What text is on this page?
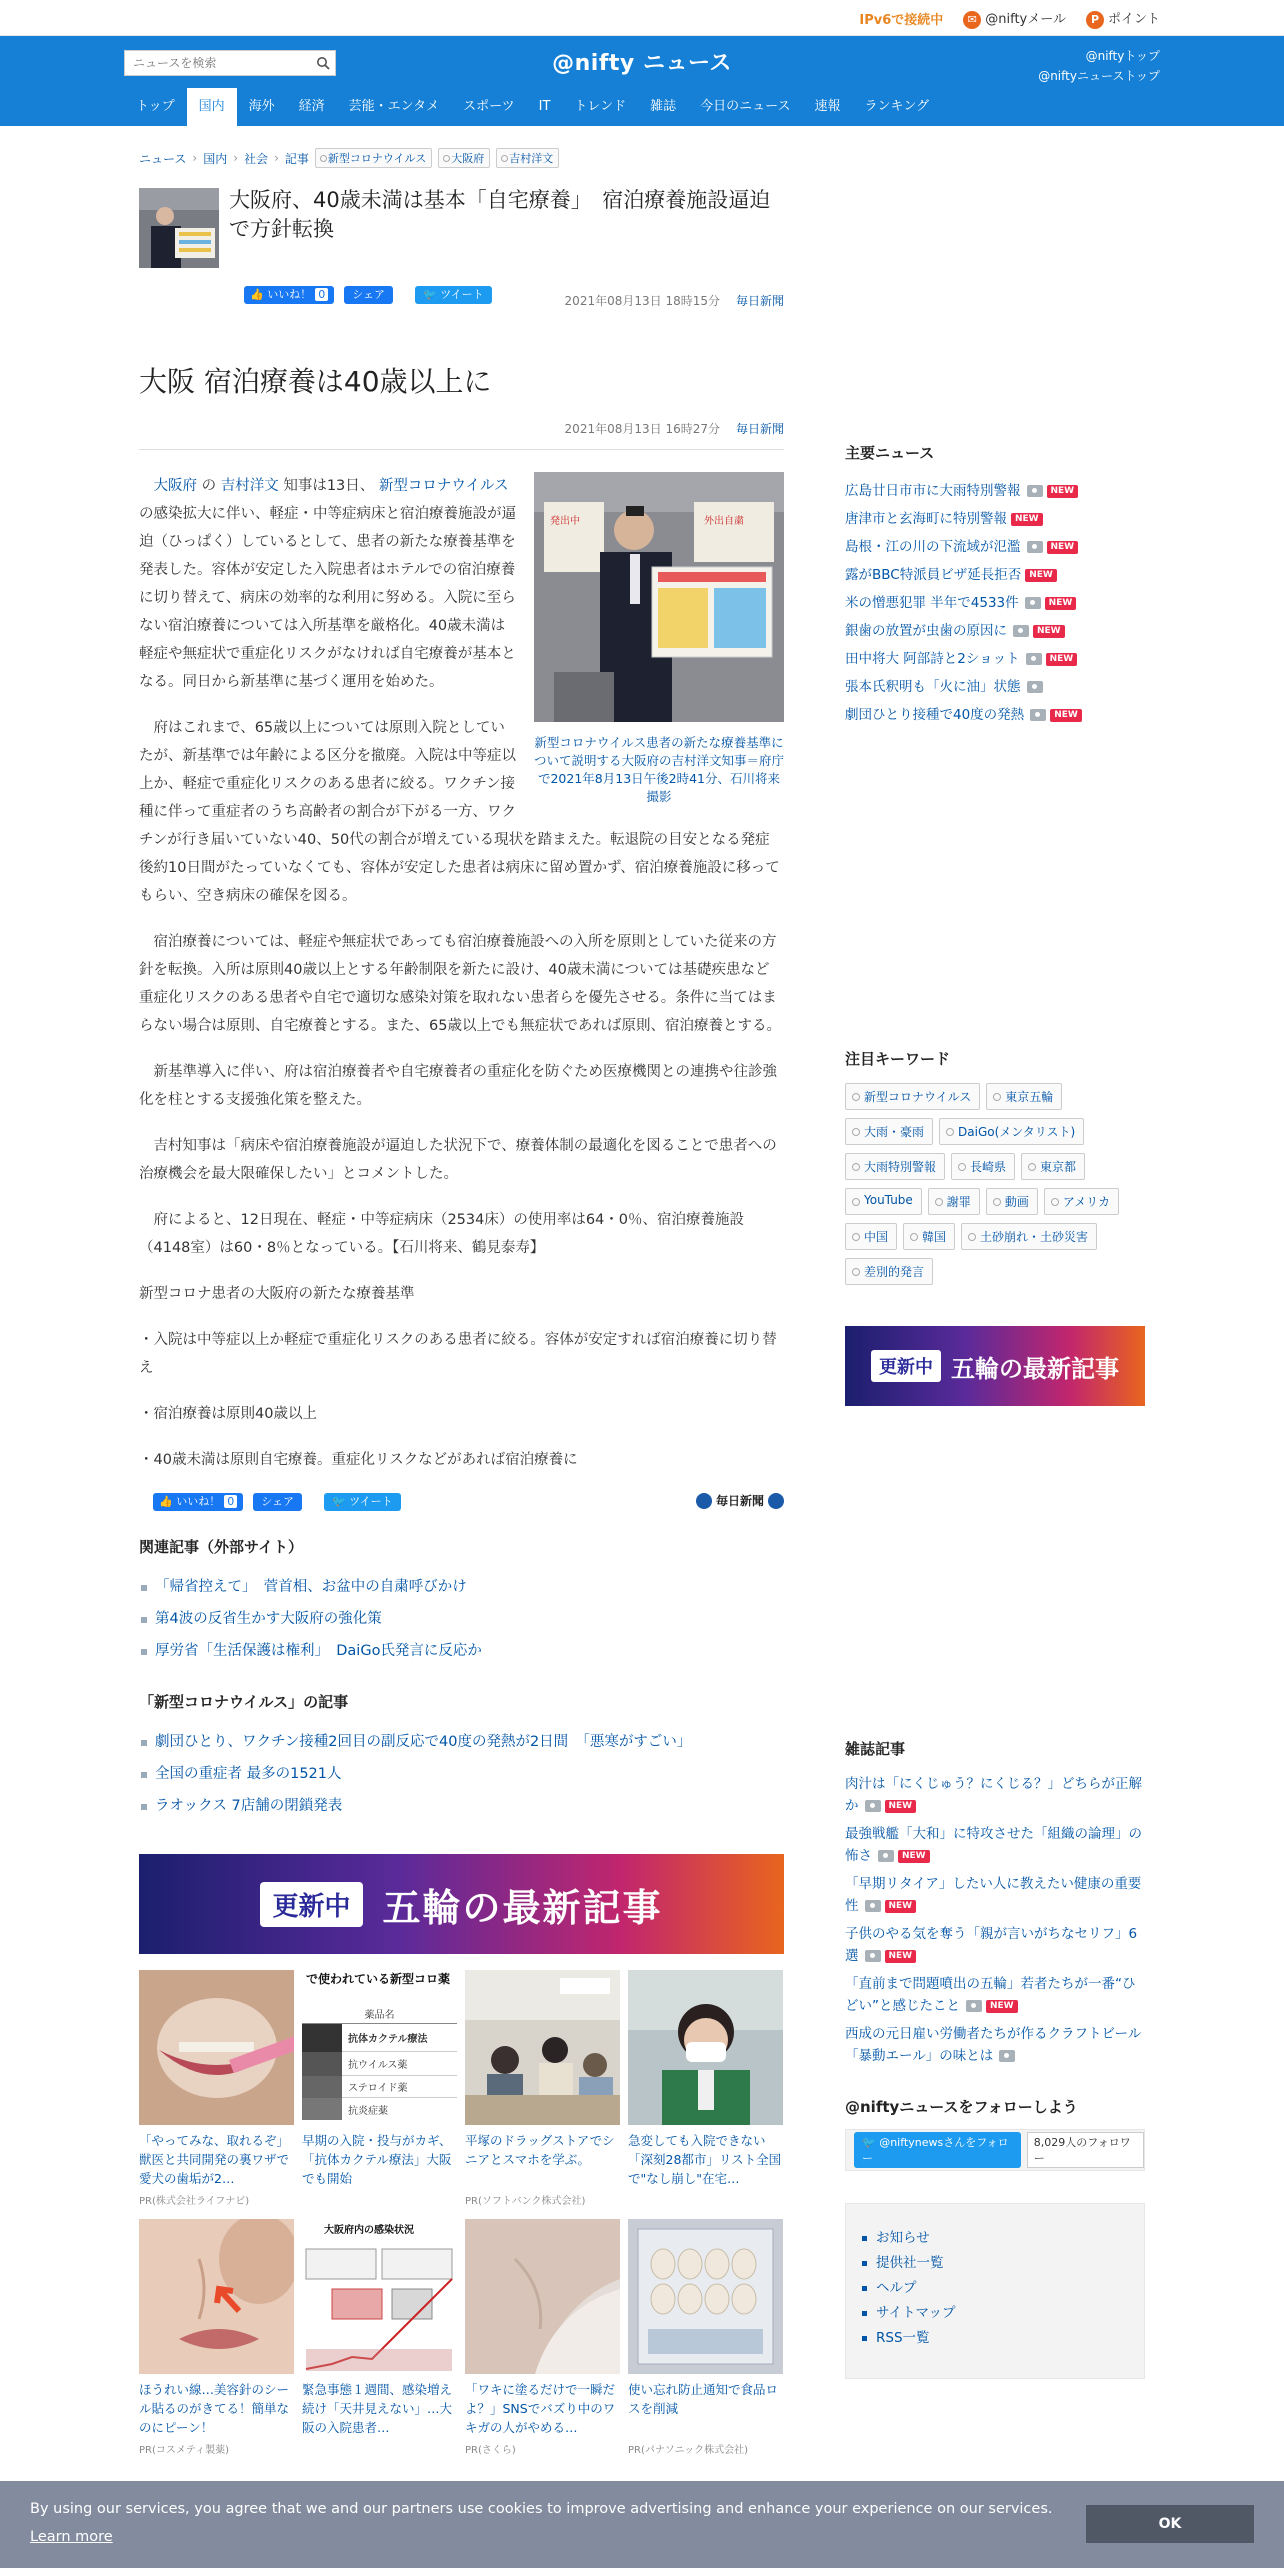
IPv6で接続中	✉ @niftyメール	P ポイント
ニュースを検索
@nifty ニュース	@niftyトップ
@niftyニューストップ
トップ	国内	海外	経済	芸能・エンタメ	スポーツ	IT	トレンド	雑誌	今日のニュース	速報	ランキング
ニュース › 国内 › 社会 › 記事	新型コロナウイルス	大阪府	吉村洋文
大阪府、40歳未満は基本「自宅療養」　宿泊療養施設逼迫で方針転換
👍 いいね！ 0	シェア	🐦 ツイート	2021年08月13日 18時15分 毎日新聞
大阪 宿泊療養は40歳以上に
2021年08月13日 16時27分 毎日新聞
発出中	外出自粛
新型コロナウイルス患者の新たな療養基準について説明する大阪府の吉村洋文知事＝府庁で2021年8月13日午後2時41分、石川将来撮影

大阪府 の 吉村洋文 知事は13日、 新型コロナウイルス の感染拡大に伴い、軽症・中等症病床と宿泊療養施設が逼迫（ひっぱく）しているとして、患者の新たな療養基準を発表した。容体が安定した入院患者はホテルでの宿泊療養に切り替えて、病床の効率的な利用に努める。入院に至らない宿泊療養については入所基準を厳格化。40歳未満は軽症や無症状で重症化リスクがなければ自宅療養が基本となる。同日から新基準に基づく運用を始めた。

府はこれまで、65歳以上については原則入院としていたが、新基準では年齢による区分を撤廃。入院は中等症以上か、軽症で重症化リスクのある患者に絞る。ワクチン接種に伴って重症者のうち高齢者の割合が下がる一方、ワクチンが行き届いていない40、50代の割合が増えている現状を踏まえた。転退院の目安となる発症後約10日間がたっていなくても、容体が安定した患者は病床に留め置かず、宿泊療養施設に移ってもらい、空き病床の確保を図る。

宿泊療養については、軽症や無症状であっても宿泊療養施設への入所を原則としていた従来の方針を転換。入所は原則40歳以上とする年齢制限を新たに設け、40歳未満については基礎疾患など重症化リスクのある患者や自宅で適切な感染対策を取れない患者らを優先させる。条件に当てはまらない場合は原則、自宅療養とする。また、65歳以上でも無症状であれば原則、宿泊療養とする。

新基準導入に伴い、府は宿泊療養者や自宅療養者の重症化を防ぐため医療機関との連携や往診強化を柱とする支援強化策を整えた。

吉村知事は「病床や宿泊療養施設が逼迫した状況下で、療養体制の最適化を図ることで患者への治療機会を最大限確保したい」とコメントした。

府によると、12日現在、軽症・中等症病床（2534床）の使用率は64・0％、宿泊療養施設（4148室）は60・8％となっている。【石川将来、鶴見泰寿】

新型コロナ患者の大阪府の新たな療養基準

・入院は中等症以上か軽症で重症化リスクのある患者に絞る。容体が安定すれば宿泊療養に切り替え

・宿泊療養は原則40歳以上

・40歳未満は原則自宅療養。重症化リスクなどがあれば宿泊療養に

👍 いいね！ 0	シェア	🐦 ツイート	毎日新聞
関連記事（外部サイト）
「帰省控えて」　菅首相、お盆中の自粛呼びかけ
第4波の反省生かす大阪府の強化策
厚労省「生活保護は権利」　DaiGo氏発言に反応か
「新型コロナウイルス」の記事
劇団ひとり、ワクチン接種2回目の副反応で40度の発熱が2日間　「悪寒がすごい」
全国の重症者 最多の1521人
ラオックス 7店舗の閉鎖発表
更新中 五輪の最新記事
「やってみな、取れるぞ」獣医と共同開発の裏ワザで愛犬の歯垢が2…
PR(株式会社ライフナビ)
で使われている新型コロ薬
薬品名
抗体カクテル療法
抗ウイルス薬
ステロイド薬
抗炎症薬
早期の入院・投与がカギ、「抗体カクテル療法」大阪でも開始
平塚のドラッグストアでシニアとスマホを学ぶ。
PR(ソフトバンク株式会社)
急変しても入院できない「深刻28都市」リスト全国で"なし崩し"在宅…
ほうれい線…美容針のシール貼るのがきてる！簡単なのにピーン！
PR(コスメティ製薬)
大阪府内の感染状況
緊急事態１週間、感染増え続け「天井見えない」…大阪の入院患者…
「ワキに塗るだけで一瞬だよ？」SNSでバズり中のワキガの人がやめる…
PR(さくら)
使い忘れ防止通知で食品ロスを削減
PR(パナソニック株式会社)
主要ニュース
広島廿日市市に大雨特別警報	NEW
唐津市と玄海町に特別警報 NEW
島根・江の川の下流域が氾濫	NEW
露がBBC特派員ビザ延長拒否 NEW
米の憎悪犯罪 半年で4533件	NEW
銀歯の放置が虫歯の原因に	NEW
田中将大 阿部詩と2ショット	NEW
張本氏釈明も「火に油」状態
劇団ひとり接種で40度の発熱	NEW
注目キーワード
新型コロナウイルス	東京五輪
大雨・豪雨	DaiGo(メンタリスト)
大雨特別警報	長崎県	東京都
YouTube	謝罪	動画	アメリカ
中国	韓国	土砂崩れ・土砂災害
差別的発言
更新中 五輪の最新記事
雑誌記事
肉汁は「にくじゅう？にくじる？」どちらが正解か	NEW
最強戦艦「大和」に特攻させた「組織の論理」の怖さ	NEW
「早期リタイア」したい人に教えたい健康の重要性	NEW
子供のやる気を奪う「親が言いがちなセリフ」6選	NEW
「直前まで問題噴出の五輪」若者たちが一番“ひどい”と感じたこと	NEW
西成の元日雇い労働者たちが作るクラフトビール「暴動エール」の味とは
@niftyニュースをフォローしよう
🐦 @niftynewsさんをフォロー
8,029人のフォロワー
お知らせ
提供社一覧
ヘルプ
サイトマップ
RSS一覧
By using our services, you agree that we and our partners use cookies to improve advertising and enhance your experience on our services.
Learn more
OK
